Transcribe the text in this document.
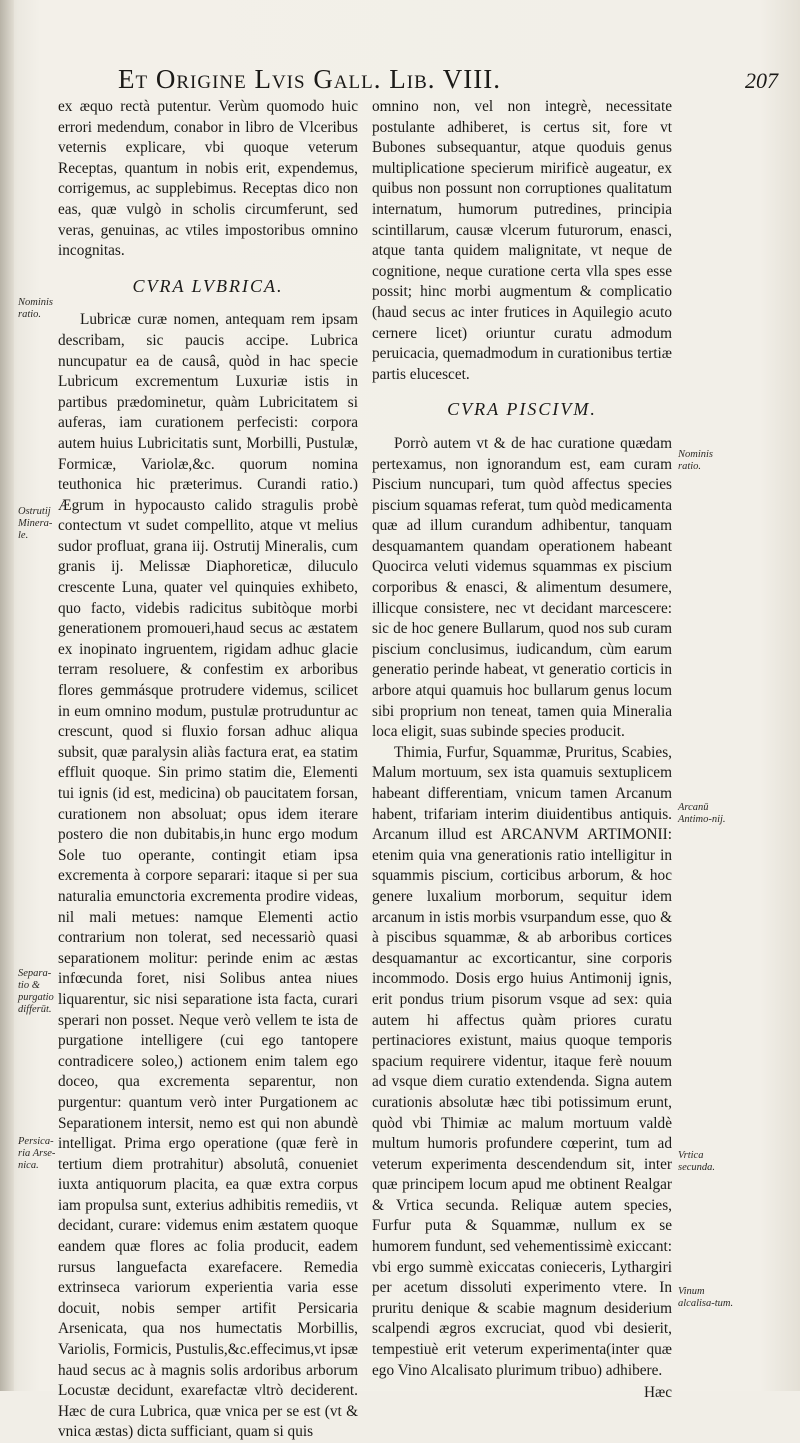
Et Origine Lvis Gall. Lib. VIII.	207

ex æquo rectà putentur. Verùm quomodo huic errori medendum, conabor in libro de Vlceribus veternis explicare, vbi quoque veterum Receptas, quantum in nobis erit, expendemus, corrigemus, ac supplebimus. Receptas dico non eas, quæ vulgò in scholis circumferunt, sed veras, genuinas, ac vtiles impostoribus omnino incognitas.

CVRA LVBRICA.

Lubricæ curæ nomen, antequam rem ipsam describam, sic paucis accipe. Lubrica nuncupatur ea de causâ, quòd in hac specie Lubricum excrementum Luxuriæ istis in partibus prædominetur, quàm Lubricitatem si auferas, iam curationem perfecisti: corpora autem huius Lubricitatis sunt, Morbilli, Pustulæ, Formicæ, Variolæ,&c. quorum nomina teuthonica hic præterimus. Curandi ratio.) Ægrum in hypocausto calido stragulis probè contectum vt sudet compellito, atque vt melius sudor profluat, grana iij. Ostrutij Mineralis, cum granis ij. Melissæ Diaphoreticæ, diluculo crescente Luna, quater vel quinquies exhibeto, quo facto, videbis radicitus subitòque morbi generationem promoueri,haud secus ac æstatem ex inopinato ingruentem, rigidam adhuc glacie terram resoluere, & confestim ex arboribus flores gemmásque protrudere videmus, scilicet in eum omnino modum, pustulæ protruduntur ac crescunt, quod si fluxio forsan adhuc aliqua subsit, quæ paralysin aliàs factura erat, ea statim effluit quoque. Sin primo statim die, Elementi tui ignis (id est, medicina) ob paucitatem forsan, curationem non absoluat; opus idem iterare postero die non dubitabis,in hunc ergo modum Sole tuo operante, contingit etiam ipsa excrementa à corpore separari: itaque si per sua naturalia emunctoria excrementa prodire videas, nil mali metues: namque Elementi actio contrarium non tolerat, sed necessariò quasi separationem molitur: perinde enim ac æstas infœcunda foret, nisi Solibus antea niues liquarentur, sic nisi separatione ista facta, curari sperari non posset. Neque verò vellem te ista de purgatione intelligere (cui ego tantopere contradicere soleo,) actionem enim talem ego doceo, qua excrementa separentur, non purgentur: quantum verò inter Purgationem ac Separationem intersit, nemo est qui non abundè intelligat. Prima ergo operatione (quæ ferè in tertium diem protrahitur) absolutâ, conueniet iuxta antiquorum placita, ea quæ extra corpus iam propulsa sunt, exterius adhibitis remediis, vt decidant, curare: videmus enim æstatem quoque eandem quæ flores ac folia producit, eadem rursus languefacta exarefacere. Remedia extrinseca variorum experientia varia esse docuit, nobis semper artifit Persicaria Arsenicata, qua nos humectatis Morbillis, Variolis, Formicis, Pustulis,&c.effecimus,vt ipsæ haud secus ac à magnis solis ardoribus arborum Locustæ decidunt, exarefactæ vltrò deciderent. Hæc de cura Lubrica, quæ vnica per se est (vt & vnica æstas) dicta sufficiant, quam si quis

omnino non, vel non integrè, necessitate postulante adhiberet, is certus sit, fore vt Bubones subsequantur, atque quoduis genus multiplicatione specierum mirificè augeatur, ex quibus non possunt non corruptiones qualitatum internatum, humorum putredines, principia scintillarum, causæ vlcerum futurorum, enasci, atque tanta quidem malignitate, vt neque de cognitione, neque curatione certa vlla spes esse possit; hinc morbi augmentum & complicatio (haud secus ac inter frutices in Aquilegio acuto cernere licet) oriuntur curatu admodum peruicacia, quemadmodum in curationibus tertiæ partis elucescet.

CVRA PISCIVM.

Porrò autem vt & de hac curatione quædam pertexamus, non ignorandum est, eam curam Piscium nuncupari, tum quòd affectus species piscium squamas referat, tum quòd medicamenta quæ ad illum curandum adhibentur, tanquam desquamantem quandam operationem habeant Quocirca veluti videmus squammas ex piscium corporibus & enasci, & alimentum desumere, illicque consistere, nec vt decidant marcescere: sic de hoc genere Bullarum, quod nos sub curam piscium conclusimus, iudicandum, cùm earum generatio perinde habeat, vt generatio corticis in arbore atqui quamuis hoc bullarum genus locum sibi proprium non teneat, tamen quia Mineralia loca eligit, suas subinde species producit.

Thimia, Furfur, Squammæ, Pruritus, Scabies, Malum mortuum, sex ista quamuis sextuplicem habeant differentiam, vnicum tamen Arcanum habent, trifariam interim diuidentibus antiquis. Arcanum illud est ARCANVM ARTIMONII: etenim quia vna generationis ratio intelligitur in squammis piscium, corticibus arborum, & hoc genere luxalium morborum, sequitur idem arcanum in istis morbis vsurpandum esse, quo & à piscibus squammæ, & ab arboribus cortices desquamantur ac excorticantur, sine corporis incommodo. Dosis ergo huius Antimonij ignis, erit pondus trium pisorum vsque ad sex: quia autem hi affectus quàm priores curatu pertinaciores existunt, maius quoque temporis spacium requirere videntur, itaque ferè nouum ad vsque diem curatio extendenda. Signa autem curationis absolutæ hæc tibi potissimum erunt, quòd vbi Thimiæ ac malum mortuum valdè multum humoris profundere cœperint, tum ad veterum experimenta descendendum sit, inter quæ principem locum apud me obtinent Realgar & Vrtica secunda. Reliquæ autem species, Furfur puta & Squammæ, nullum ex se humorem fundunt, sed vehementissimè exiccant: vbi ergo summè exiccatas conieceris, Lythargiri per acetum dissoluti experimento vtere. In pruritu denique & scabie magnum desiderium scalpendi ægros excruciat, quod vbi desierit, tempestiuè erit veterum experimenta(inter quæ ego Vino Alcalisato plurimum tribuo) adhibere.

Hæc
Nominis ratio.
Ostrutij Minera-le.
Separa-tio & purgatio differūt.
Persica-ria Arse-nica.
Nominis ratio.
Arcanū Antimo-nij.
Vrtica secunda.
Vinum alcalisa-tum.
